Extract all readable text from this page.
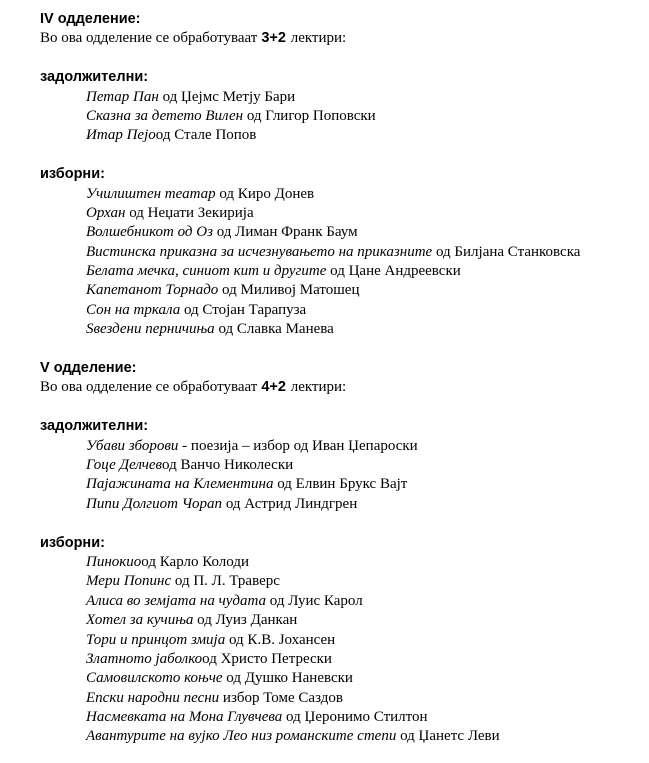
IV одделение:
Во ова одделение се обработуваат 3+2 лектири:
задолжителни:
Петар Пан од Џејмс Метју Бари
Сказна за детето Вилен од Глигор Поповски
Итар Пејоод Стале Попов
изборни:
Училиштен театар од Киро Донев
Орхан од Неџати Зекирија
Волшебникот од Оз од Лиман Франк Баум
Вистинска приказна за исчезнувањето на приказните од Билјана Станковска
Белата мечка, синиот кит и другите од Цане Андреевски
Капетанот Торнадо од Миливој Матошец
Сон на тркала од Стојан Тарапуза
Ѕвездени перничиња од Славка Манева
V одделение:
Во ова одделение се обработуваат 4+2 лектири:
задолжителни:
Убави зборови - поезија – избор од Иван Џепароски
Гоце Делчевод Ванчо Николески
Пајажината на Клементина од Елвин Брукс Вајт
Пипи Долгиот Чорап од Астрид Линдгрен
изборни:
Пинокиоод Карло Колоди
Мери Попинс од П. Л. Траверс
Алиса во земјата на чудата од Луис Карол
Хотел за кучиња од Луиз Данкан
Тори и принцот змија од К.В. Јохансен
Златното јаболкоод Христо Петрески
Самовилското коњче од Душко Наневски
Епски народни песни избор Томе Саздов
Насмевката на Мона Глувчева од Џеронимо Стилтон
Авантурите на вујко Лео низ романските степи од Џанетс Леви
